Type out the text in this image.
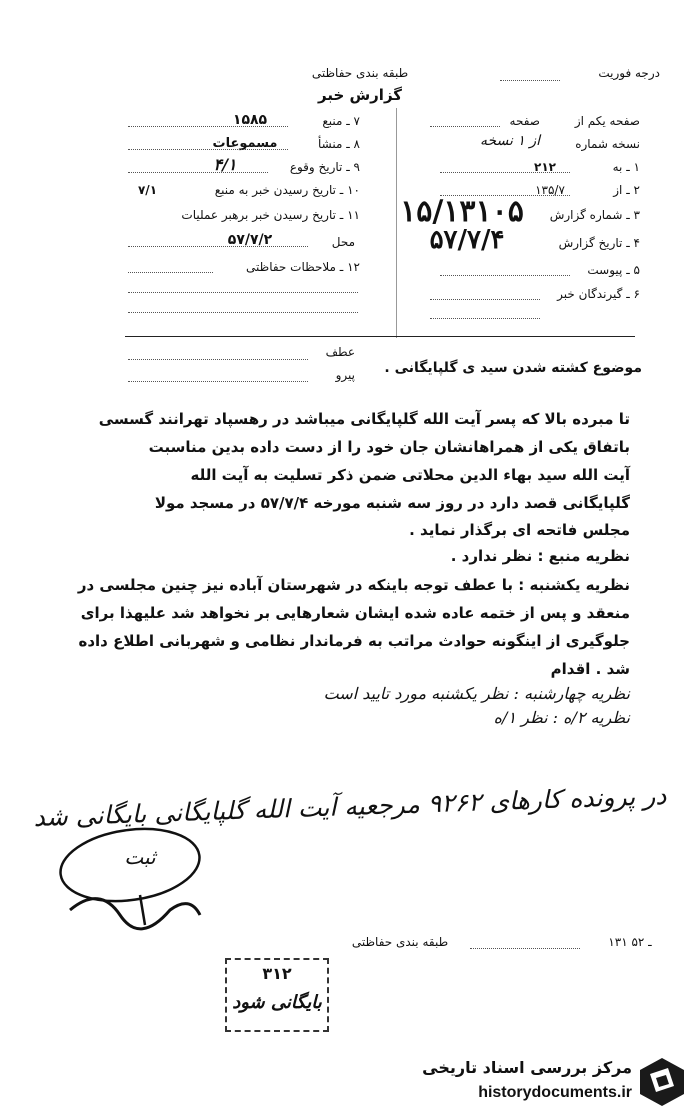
طبقه بندی حفاظتی
گزارش خبر
درجه فوریت
صفحه یکم از
صفحه
نسخه شماره
از ۱ نسخه
۱ ـ به
۲۱۲
۲ ـ از
۱۳۵/۷
۳ ـ شماره گزارش
۱۵/۱۳۱۰۵
۴ ـ تاریخ گزارش
۵۷/۷/۴
۵ ـ پیوست
۶ ـ گیرندگان خبر
۷ ـ منبع
۱۵۸۵
۸ ـ منشأ
مسموعات
۹ ـ تاریخ وقوع
۴/۱
۱۰ ـ تاریخ رسیدن خبر به منبع
۷/۱
۱۱ ـ تاریخ رسیدن خبر برهبر عملیات
محل
۵۷/۷/۲
۱۲ ـ ملاحظات حفاظتی
عطف
پیرو	موضوع کشته شدن سید ی گلپایگانی .
تا مبرده بالا که پسر آیت الله گلپایگانی میباشد در رهسپاد تهرانند گسسی
باتفاق یکی از همراهانشان جان خود را از دست داده بدین مناسبت
آیت الله سید بهاء الدین محلاتی ضمن ذکر تسلیت به آیت الله
گلپایگانی قصد دارد در روز سه شنبه مورخه ۵۷/۷/۴ در مسجد مولا
مجلس فاتحه ای برگذار نماید .
نظریه منبع : نظر ندارد .
نظریه یکشنبه : با عطف توجه باینکه در شهرستان آباده نیز چنین مجلسی در
منعقد و پس از ختمه عاده شده ایشان شعارهایی بر نخواهد شد علیهذا برای
جلوگیری از اینگونه حوادث مراتب به فرماندار نظامی و شهربانی اطلاع داده
شد . اقدام
نظریه چهارشنبه : نظر یکشنبه مورد تایید است
نظریه ۲/ه : نظر ۱/ه
در پرونده کارهای ۹۲۶۲ مرجعیه آیت الله گلپایگانی بایگانی شد
ثبت
۱۳۱ ـ ۵۲
طبقه بندی حفاظتی
۳۱۲
بایگانی شود
مرکز بررسی اسناد تاریخی
historydocuments.ir
